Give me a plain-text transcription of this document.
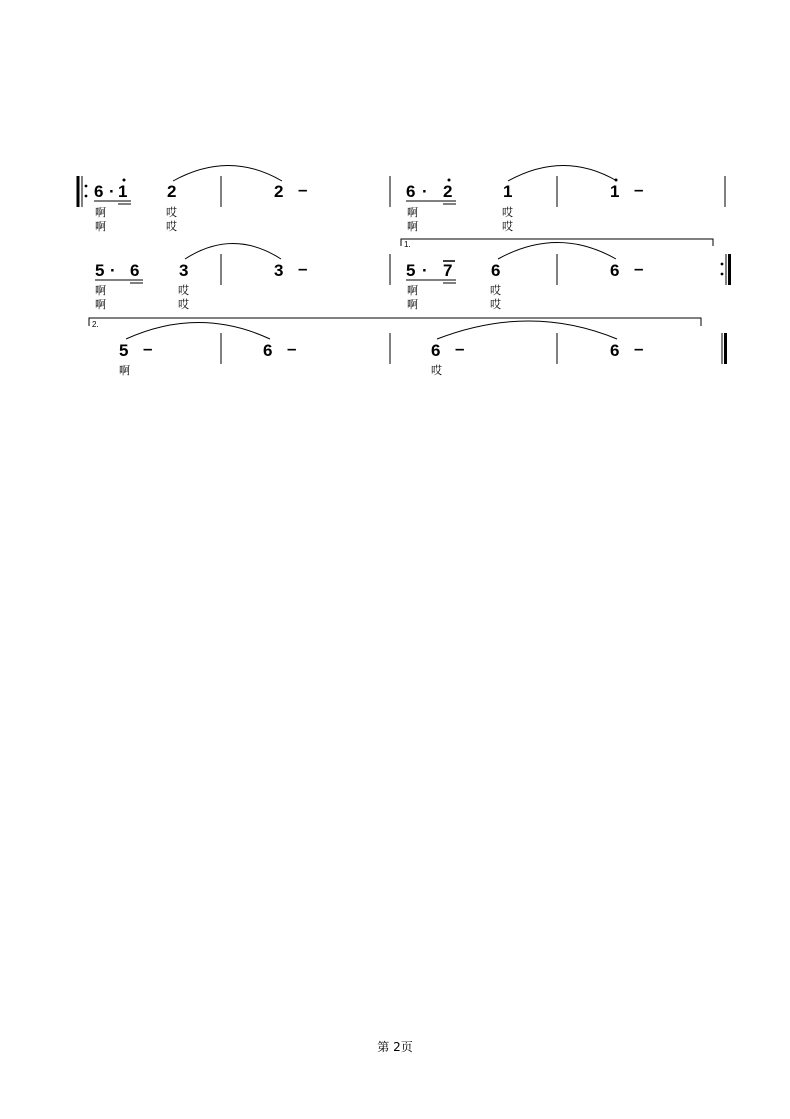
6 · 1 2	2 –	6 · 2	1	1 –
啊	哎	啊	哎
啊	哎	啊	哎
1.
5 · 6 3	3 –	5 · 7 6	6 –
啊	哎	啊	哎
啊	哎	啊	哎
2.
5 –	6 –	6 –	6 –
啊	哎
第 2页
